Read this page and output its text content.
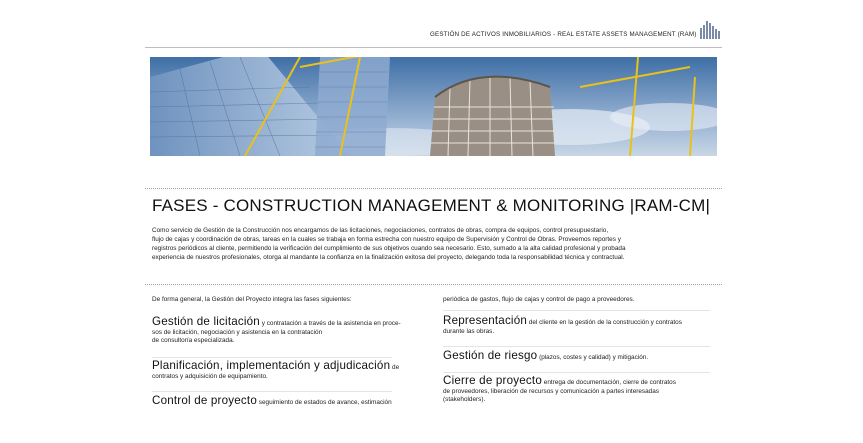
GESTIÓN DE ACTIVOS INMOBILIARIOS - REAL ESTATE ASSETS MANAGEMENT (RAM)
FASES - CONSTRUCTION MANAGEMENT & MONITORING |RAM-CM|
Como servicio de Gestión de la Construcción nos encargamos de las licitaciones, negociaciones, contratos de obras, compra de equipos, control presupuestario,
flujo de cajas y coordinación de obras, tareas en la cuales se trabaja en forma estrecha con nuestro equipo de Supervisión y Control de Obras. Proveemos reportes y
registros periódicos al cliente, permitiendo la verificación del cumplimiento de sus objetivos cuando sea necesario. Esto, sumado a la alta calidad profesional y probada
experiencia de nuestros profesionales, otorga al mandante la confianza en la finalización exitosa del proyecto, delegando toda la responsabilidad técnica y contractual.
De forma general, la Gestión del Proyecto integra las fases siguientes:
Gestión de licitación y contratación a través de la asistencia en proce-
sos de licitación, negociación y asistencia en la contratación
de consultoría especializada.
Planificación, implementación y adjudicación de
contratos y adquisición de equipamiento.
Control de proyecto seguimiento de estados de avance, estimación
periódica de gastos, flujo de cajas y control de pago a proveedores.
Representación del cliente en la gestión de la construcción y contratos
durante las obras.
Gestión de riesgo (plazos, costes y calidad) y mitigación.
Cierre de proyecto entrega de documentación, cierre de contratos
de proveedores, liberación de recursos y comunicación a partes interesadas
(stakeholders).
